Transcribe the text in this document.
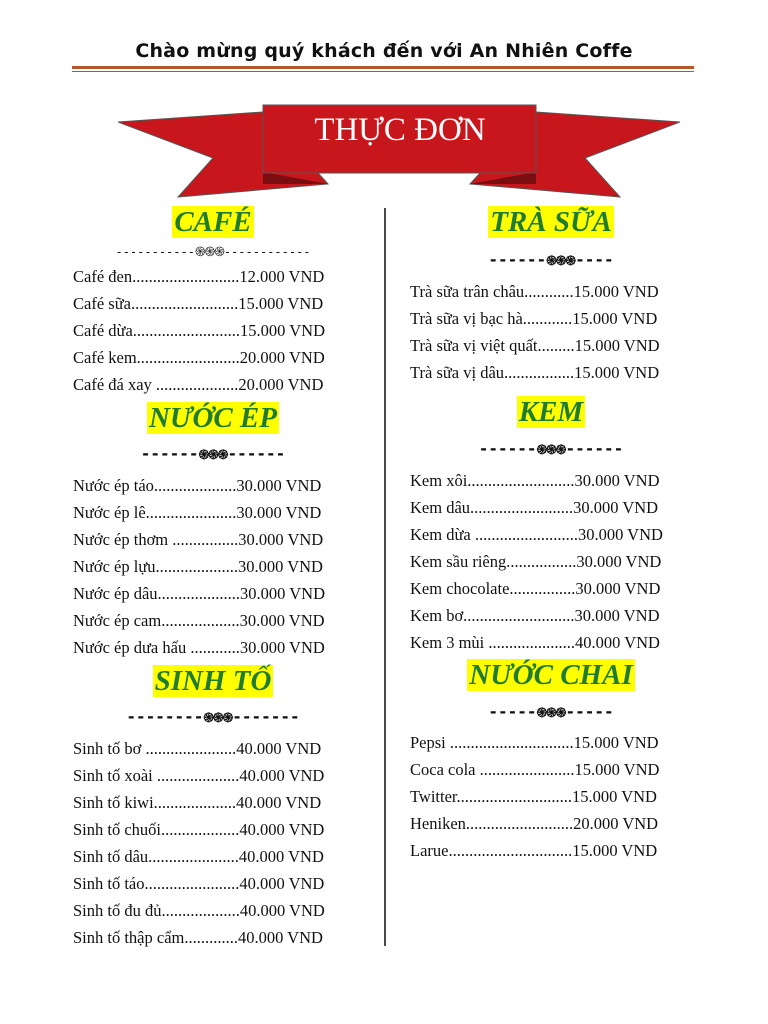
Chào mừng quý khách đến với An Nhiên Coffe
THỰC ĐƠN
CAFÉ
-----------֍֍֍------------
Café đen..........................12.000 VND
Café sữa..........................15.000 VND
Café dừa..........................15.000 VND
Café kem.........................20.000 VND
Café đá xay ....................20.000 VND
NƯỚC ÉP
------֍֍֍------
Nước ép táo....................30.000 VND
Nước ép lê......................30.000 VND
Nước ép thơm ................30.000 VND
Nước ép lựu....................30.000 VND
Nước ép dâu....................30.000 VND
Nước ép cam...................30.000 VND
Nước ép dưa hấu ............30.000 VND
SINH TỐ
--------֍֍֍-------
Sinh tố bơ ......................40.000 VND
Sinh tố xoài ....................40.000 VND
Sinh tố kiwi....................40.000 VND
Sinh tố chuối...................40.000 VND
Sinh tố dâu......................40.000 VND
Sinh tố táo.......................40.000 VND
Sinh tố đu đủ...................40.000 VND
Sinh tố thập cẩm.............40.000 VND
TRÀ SỮA
------֍֍֍----
Trà sữa trân châu............15.000 VND
Trà sữa vị bạc hà............15.000 VND
Trà sữa vị việt quất.........15.000 VND
Trà sữa vị dâu.................15.000 VND
KEM
------֍֍֍------
Kem xôi..........................30.000 VND
Kem dâu.........................30.000 VND
Kem dừa .........................30.000 VND
Kem sầu riêng.................30.000 VND
Kem chocolate................30.000 VND
Kem bơ...........................30.000 VND
Kem 3 mùi .....................40.000 VND
NƯỚC CHAI
-----֍֍֍-----
Pepsi ..............................15.000 VND
Coca cola .......................15.000 VND
Twitter............................15.000 VND
Heniken..........................20.000 VND
Larue..............................15.000 VND
